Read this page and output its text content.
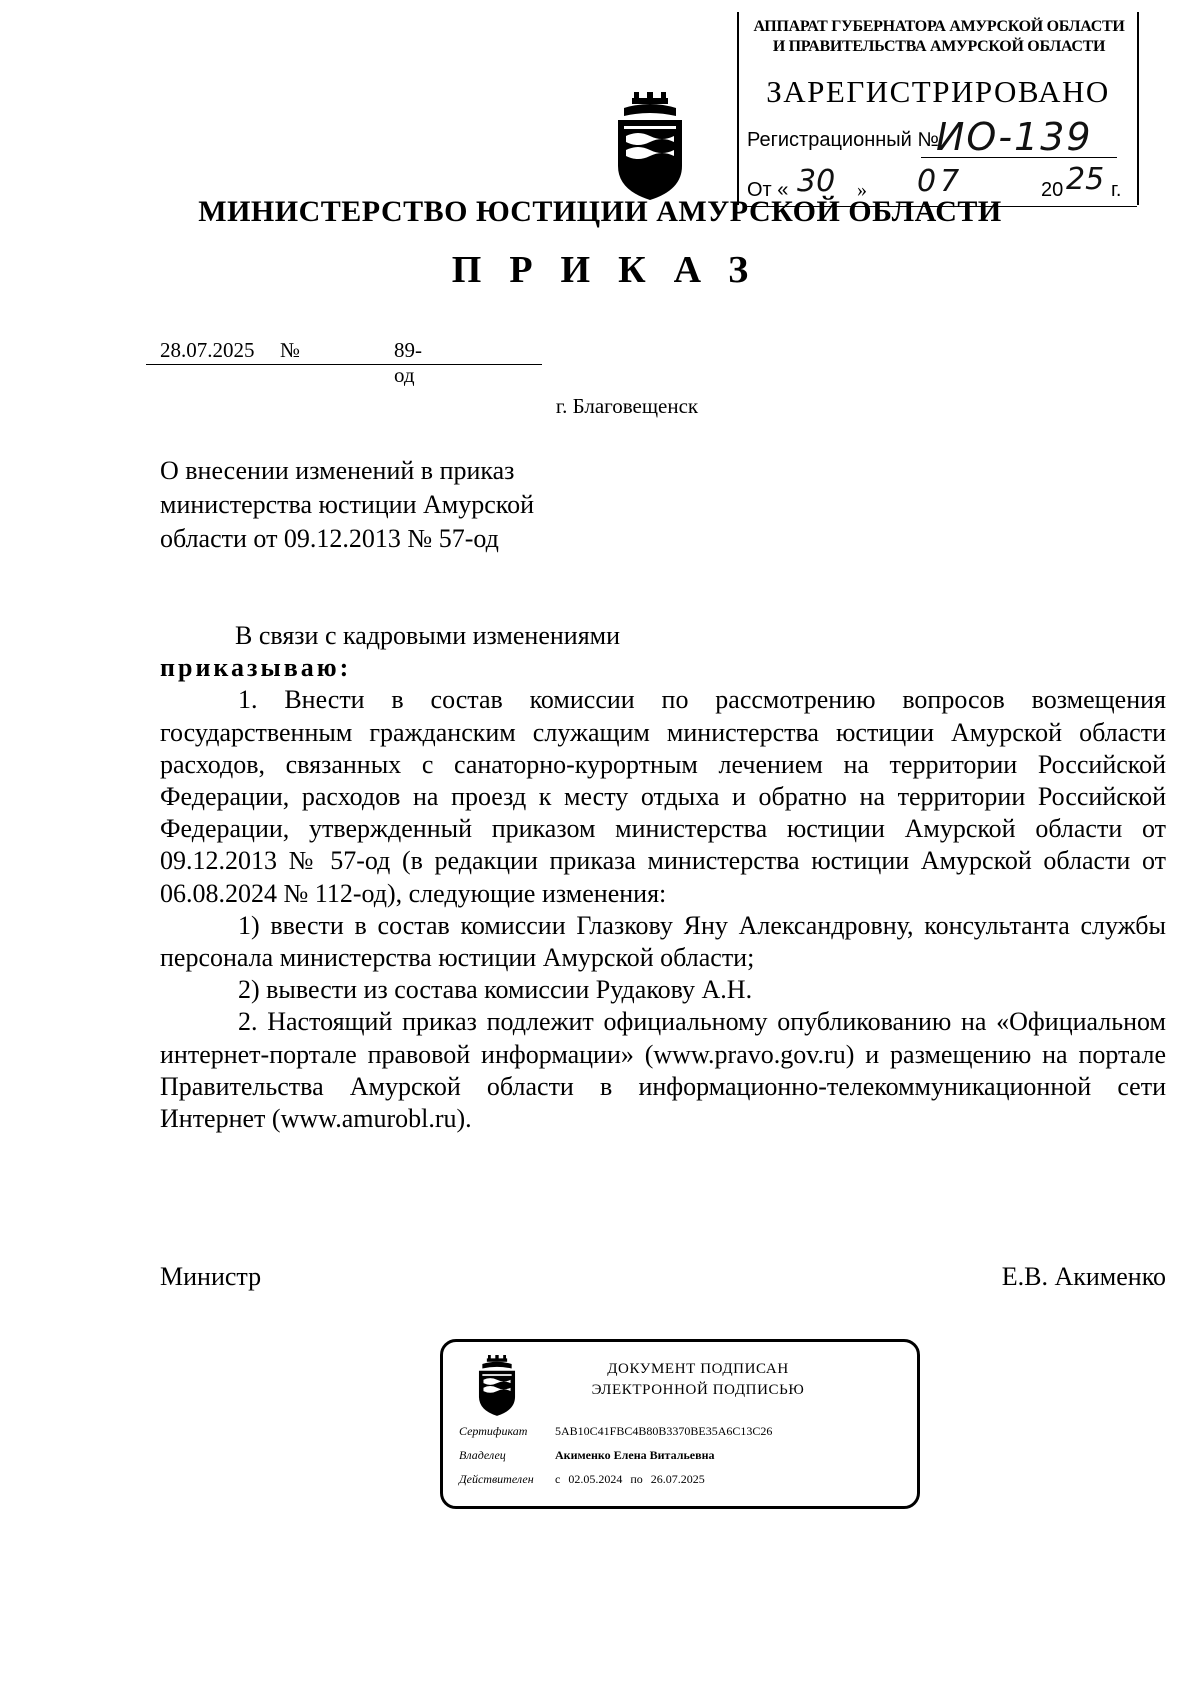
АППАРАТ ГУБЕРНАТОРА АМУРСКОЙ ОБЛАСТИ
И ПРАВИТЕЛЬСТВА АМУРСКОЙ ОБЛАСТИ
ЗАРЕГИСТРИРОВАНО
Регистрационный №
ИО-139
От « 30 » 07	20 25 г.
МИНИСТЕРСТВО ЮСТИЦИИ АМУРСКОЙ ОБЛАСТИ
ПРИКАЗ
28.07.2025 №	89-од
г. Благовещенск
О внесении изменений в приказ
министерства юстиции Амурской
области от 09.12.2013 № 57-од

В связи с кадровыми изменениями

приказываю:

1. Внести в состав комиссии по рассмотрению вопросов возмещения государственным гражданским служащим министерства юстиции Амурской области расходов, связанных с санаторно-курортным лечением на территории Российской Федерации, расходов на проезд к месту отдыха и обратно на территории Российской Федерации, утвержденный приказом министерства юстиции Амурской области от 09.12.2013 № 57-од (в редакции приказа министерства юстиции Амурской области от 06.08.2024 № 112-од), следующие изменения:

1) ввести в состав комиссии Глазкову Яну Александровну, консультанта службы персонала министерства юстиции Амурской области;

2) вывести из состава комиссии Рудакову А.Н.

2. Настоящий приказ подлежит официальному опубликованию на «Официальном интернет-портале правовой информации» (www.pravo.gov.ru) и размещению на портале Правительства Амурской области в информационно-телекоммуникационной сети Интернет (www.amurobl.ru).

Министр	Е.В. Акименко
ДОКУМЕНТ ПОДПИСАН
ЭЛЕКТРОННОЙ ПОДПИСЬЮ
Сертификат 5AB10C41FBC4B80B3370BE35A6C13C26
Владелец	Акименко Елена Витальевна
Действителен с 02.05.2024 по 26.07.2025
